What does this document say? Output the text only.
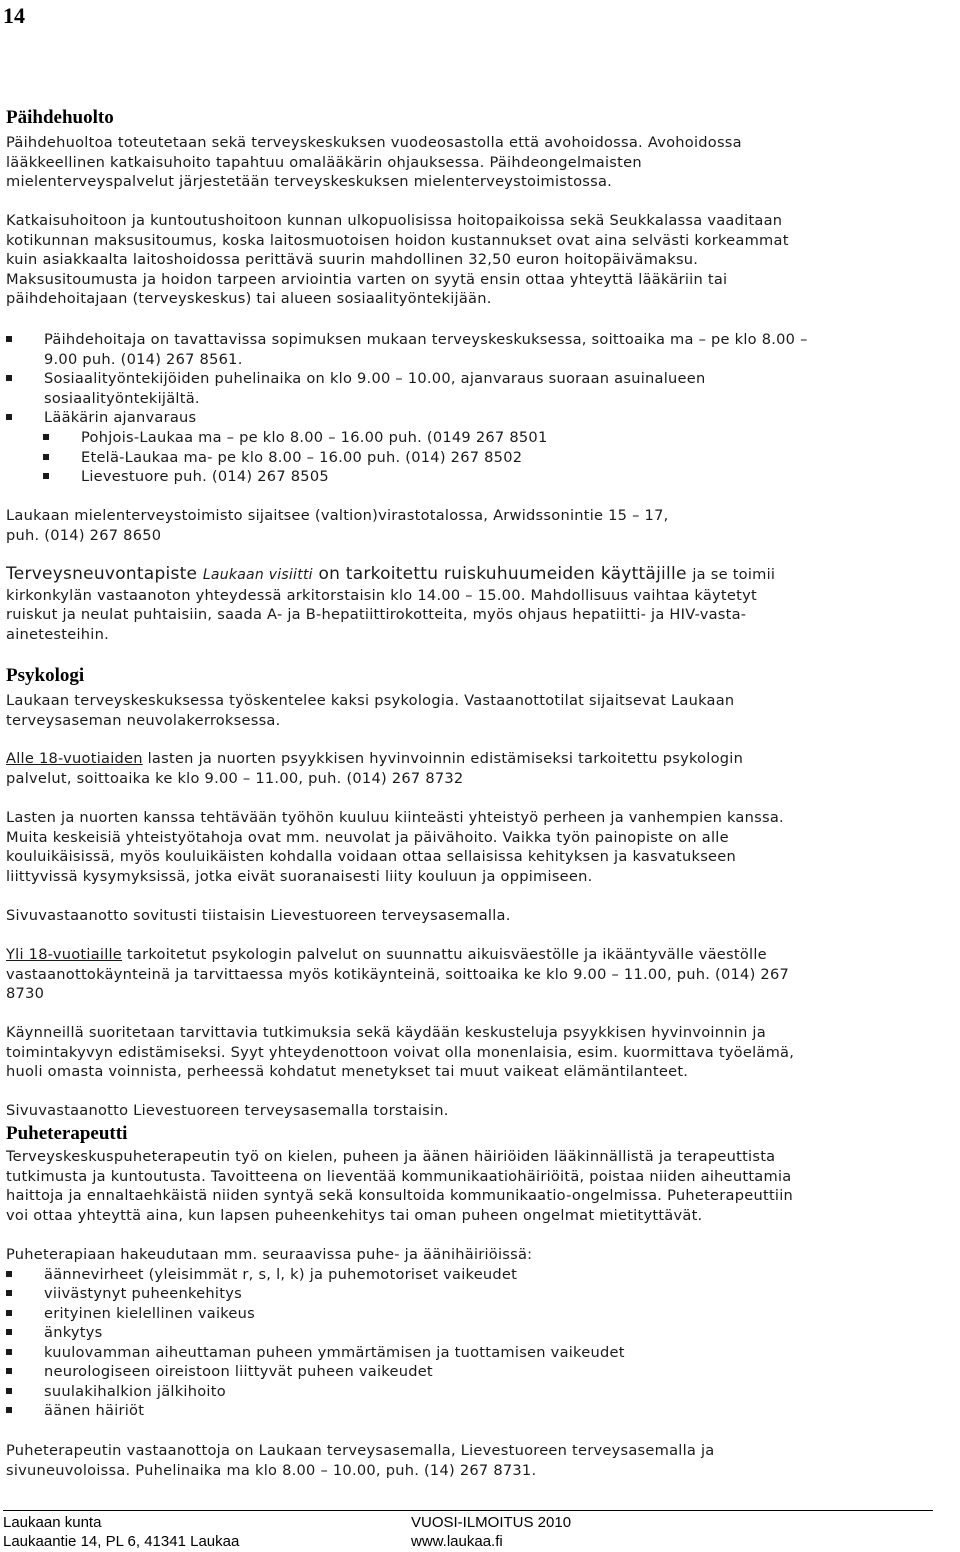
14
Päihdehuolto
Päihdehuoltoa toteutetaan sekä terveyskeskuksen vuodeosastolla että avohoidossa. Avohoidossa
lääkkeellinen katkaisuhoito tapahtuu omalääkärin ohjauksessa. Päihdeongelmaisten
mielenterveyspalvelut järjestetään terveyskeskuksen mielenterveystoimistossa.
Katkaisuhoitoon ja kuntoutushoitoon kunnan ulkopuolisissa hoitopaikoissa sekä Seukkalassa vaaditaan
kotikunnan maksusitoumus, koska laitosmuotoisen hoidon kustannukset ovat aina selvästi korkeammat
kuin asiakkaalta laitoshoidossa perittävä suurin mahdollinen 32,50 euron hoitopäivämaksu.
Maksusitoumusta ja hoidon tarpeen arviointia varten on syytä ensin ottaa yhteyttä lääkäriin tai
päihdehoitajaan (terveyskeskus) tai alueen sosiaalityöntekijään.
Päihdehoitaja on tavattavissa sopimuksen mukaan terveyskeskuksessa, soittoaika ma – pe klo 8.00 –
9.00 puh. (014) 267 8561.
Sosiaalityöntekijöiden puhelinaika on klo 9.00 – 10.00, ajanvaraus suoraan asuinalueen
sosiaalityöntekijältä.
Lääkärin ajanvaraus
Pohjois-Laukaa ma – pe klo 8.00 – 16.00 puh. (0149 267 8501
Etelä-Laukaa ma- pe klo 8.00 – 16.00 puh. (014) 267 8502
Lievestuore puh. (014) 267 8505
Laukaan mielenterveystoimisto sijaitsee (valtion)virastotalossa, Arwidssonintie 15 – 17,
puh. (014) 267 8650
Terveysneuvontapiste Laukaan visiitti on tarkoitettu ruiskuhuumeiden käyttäjille ja se toimii
kirkonkylän vastaanoton yhteydessä arkitorstaisin klo 14.00 – 15.00. Mahdollisuus vaihtaa käytetyt
ruiskut ja neulat puhtaisiin, saada A- ja B-hepatiittirokotteita, myös ohjaus hepatiitti- ja HIV-vasta-
ainetesteihin.
Psykologi
Laukaan terveyskeskuksessa työskentelee kaksi psykologia. Vastaanottotilat sijaitsevat Laukaan
terveysaseman neuvolakerroksessa.
Alle 18-vuotiaiden lasten ja nuorten psyykkisen hyvinvoinnin edistämiseksi tarkoitettu psykologin
palvelut, soittoaika ke klo 9.00 – 11.00, puh. (014) 267 8732
Lasten ja nuorten kanssa tehtävään työhön kuuluu kiinteästi yhteistyö perheen ja vanhempien kanssa.
Muita keskeisiä yhteistyötahoja ovat mm. neuvolat ja päivähoito. Vaikka työn painopiste on alle
kouluikäisissä, myös kouluikäisten kohdalla voidaan ottaa sellaisissa kehityksen ja kasvatukseen
liittyvissä kysymyksissä, jotka eivät suoranaisesti liity kouluun ja oppimiseen.
Sivuvastaanotto sovitusti tiistaisin Lievestuoreen terveysasemalla.
Yli 18-vuotiaille tarkoitetut psykologin palvelut on suunnattu aikuisväestölle ja ikääntyvälle väestölle
vastaanottokäynteinä ja tarvittaessa myös kotikäynteinä, soittoaika ke klo 9.00 – 11.00, puh. (014) 267
8730
Käynneillä suoritetaan tarvittavia tutkimuksia sekä käydään keskusteluja psyykkisen hyvinvoinnin ja
toimintakyvyn edistämiseksi. Syyt yhteydenottoon voivat olla monenlaisia, esim. kuormittava työelämä,
huoli omasta voinnista, perheessä kohdatut menetykset tai muut vaikeat elämäntilanteet.
Sivuvastaanotto Lievestuoreen terveysasemalla torstaisin.
Puheterapeutti
Terveyskeskuspuheterapeutin työ on kielen, puheen ja äänen häiriöiden lääkinnällistä ja terapeuttista
tutkimusta ja kuntoutusta. Tavoitteena on lieventää kommunikaatiohäiriöitä, poistaa niiden aiheuttamia
haittoja ja ennaltaehkäistä niiden syntyä sekä konsultoida kommunikaatio-ongelmissa. Puheterapeuttiin
voi ottaa yhteyttä aina, kun lapsen puheenkehitys tai oman puheen ongelmat mietityttävät.
Puheterapiaan hakeudutaan mm. seuraavissa puhe- ja äänihäiriöissä:
äännevirheet (yleisimmät r, s, l, k) ja puhemotoriset vaikeudet
viivästynyt puheenkehitys
erityinen kielellinen vaikeus
änkytys
kuulovamman aiheuttaman puheen ymmärtämisen ja tuottamisen vaikeudet
neurologiseen oireistoon liittyvät puheen vaikeudet
suulakihalkion jälkihoito
äänen häiriöt
Puheterapeutin vastaanottoja on Laukaan terveysasemalla, Lievestuoreen terveysasemalla ja
sivuneuvoloissa. Puhelinaika ma klo 8.00 – 10.00, puh. (14) 267 8731.
Laukaan kunta
Laukaantie 14, PL 6, 41341 Laukaa
VUOSI-ILMOITUS 2010
www.laukaa.fi
